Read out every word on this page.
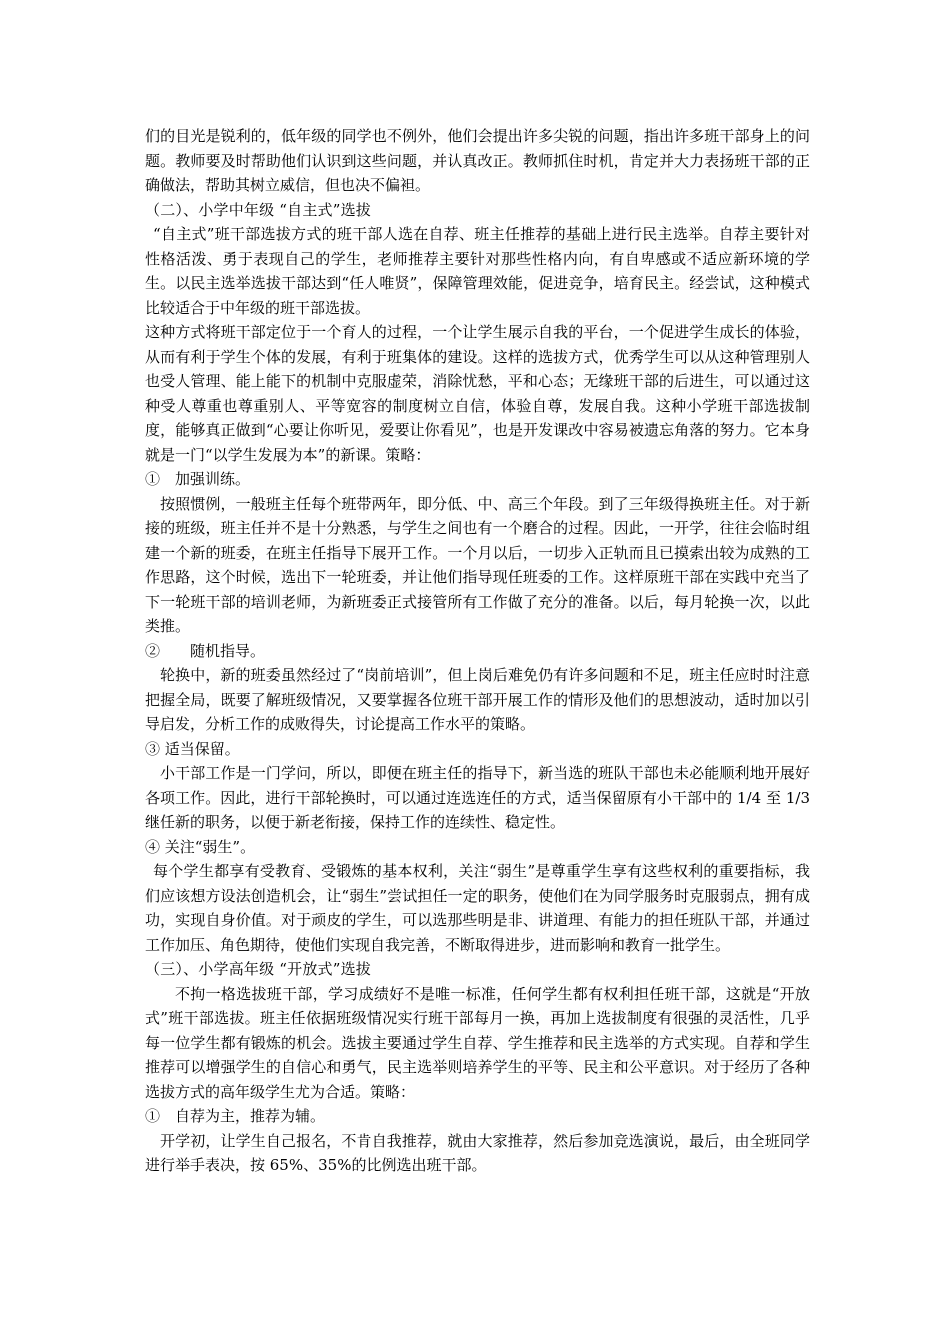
们的目光是锐利的，低年级的同学也不例外，他们会提出许多尖锐的问题，指出许多班干部身上的问题。教师要及时帮助他们认识到这些问题，并认真改正。教师抓住时机，肯定并大力表扬班干部的正确做法，帮助其树立威信，但也决不偏袒。

（二）、小学中年级 “自主式”选拔

“自主式”班干部选拔方式的班干部人选在自荐、班主任推荐的基础上进行民主选举。自荐主要针对性格活泼、勇于表现自己的学生，老师推荐主要针对那些性格内向，有自卑感或不适应新环境的学生。以民主选举选拔干部达到“任人唯贤”，保障管理效能，促进竞争，培育民主。经尝试，这种模式比较适合于中年级的班干部选拔。

这种方式将班干部定位于一个育人的过程，一个让学生展示自我的平台，一个促进学生成长的体验，从而有利于学生个体的发展，有利于班集体的建设。这样的选拔方式，优秀学生可以从这种管理别人也受人管理、能上能下的机制中克服虚荣，消除忧愁，平和心态；无缘班干部的后进生，可以通过这种受人尊重也尊重别人、平等宽容的制度树立自信，体验自尊，发展自我。这种小学班干部选拔制度，能够真正做到“心要让你听见，爱要让你看见”，也是开发课改中容易被遗忘角落的努力。它本身就是一门“以学生发展为本”的新课。策略：

①　加强训练。

按照惯例，一般班主任每个班带两年，即分低、中、高三个年段。到了三年级得换班主任。对于新接的班级，班主任并不是十分熟悉，与学生之间也有一个磨合的过程。因此，一开学，往往会临时组建一个新的班委，在班主任指导下展开工作。一个月以后，一切步入正轨而且已摸索出较为成熟的工作思路，这个时候，选出下一轮班委，并让他们指导现任班委的工作。这样原班干部在实践中充当了下一轮班干部的培训老师，为新班委正式接管所有工作做了充分的准备。以后，每月轮换一次，以此类推。

②　　随机指导。

轮换中，新的班委虽然经过了“岗前培训”，但上岗后难免仍有许多问题和不足，班主任应时时注意把握全局，既要了解班级情况，又要掌握各位班干部开展工作的情形及他们的思想波动，适时加以引导启发，分析工作的成败得失，讨论提高工作水平的策略。

③ 适当保留。

小干部工作是一门学问，所以，即便在班主任的指导下，新当选的班队干部也未必能顺利地开展好各项工作。因此，进行干部轮换时，可以通过连选连任的方式，适当保留原有小干部中的 1/4 至 1/3 继任新的职务，以便于新老衔接，保持工作的连续性、稳定性。

④ 关注“弱生”。

每个学生都享有受教育、受锻炼的基本权利，关注“弱生”是尊重学生享有这些权利的重要指标，我们应该想方设法创造机会，让“弱生”尝试担任一定的职务，使他们在为同学服务时克服弱点，拥有成功，实现自身价值。对于顽皮的学生，可以选那些明是非、讲道理、有能力的担任班队干部，并通过工作加压、角色期待，使他们实现自我完善，不断取得进步，进而影响和教育一批学生。

（三）、小学高年级 “开放式”选拔

不拘一格选拔班干部，学习成绩好不是唯一标准，任何学生都有权利担任班干部，这就是“开放式”班干部选拔。班主任依据班级情况实行班干部每月一换，再加上选拔制度有很强的灵活性，几乎每一位学生都有锻炼的机会。选拔主要通过学生自荐、学生推荐和民主选举的方式实现。自荐和学生推荐可以增强学生的自信心和勇气，民主选举则培养学生的平等、民主和公平意识。对于经历了各种选拔方式的高年级学生尤为合适。策略：

①　自荐为主，推荐为辅。

开学初，让学生自己报名，不肯自我推荐，就由大家推荐，然后参加竞选演说，最后，由全班同学进行举手表决，按 65%、35%的比例选出班干部。
